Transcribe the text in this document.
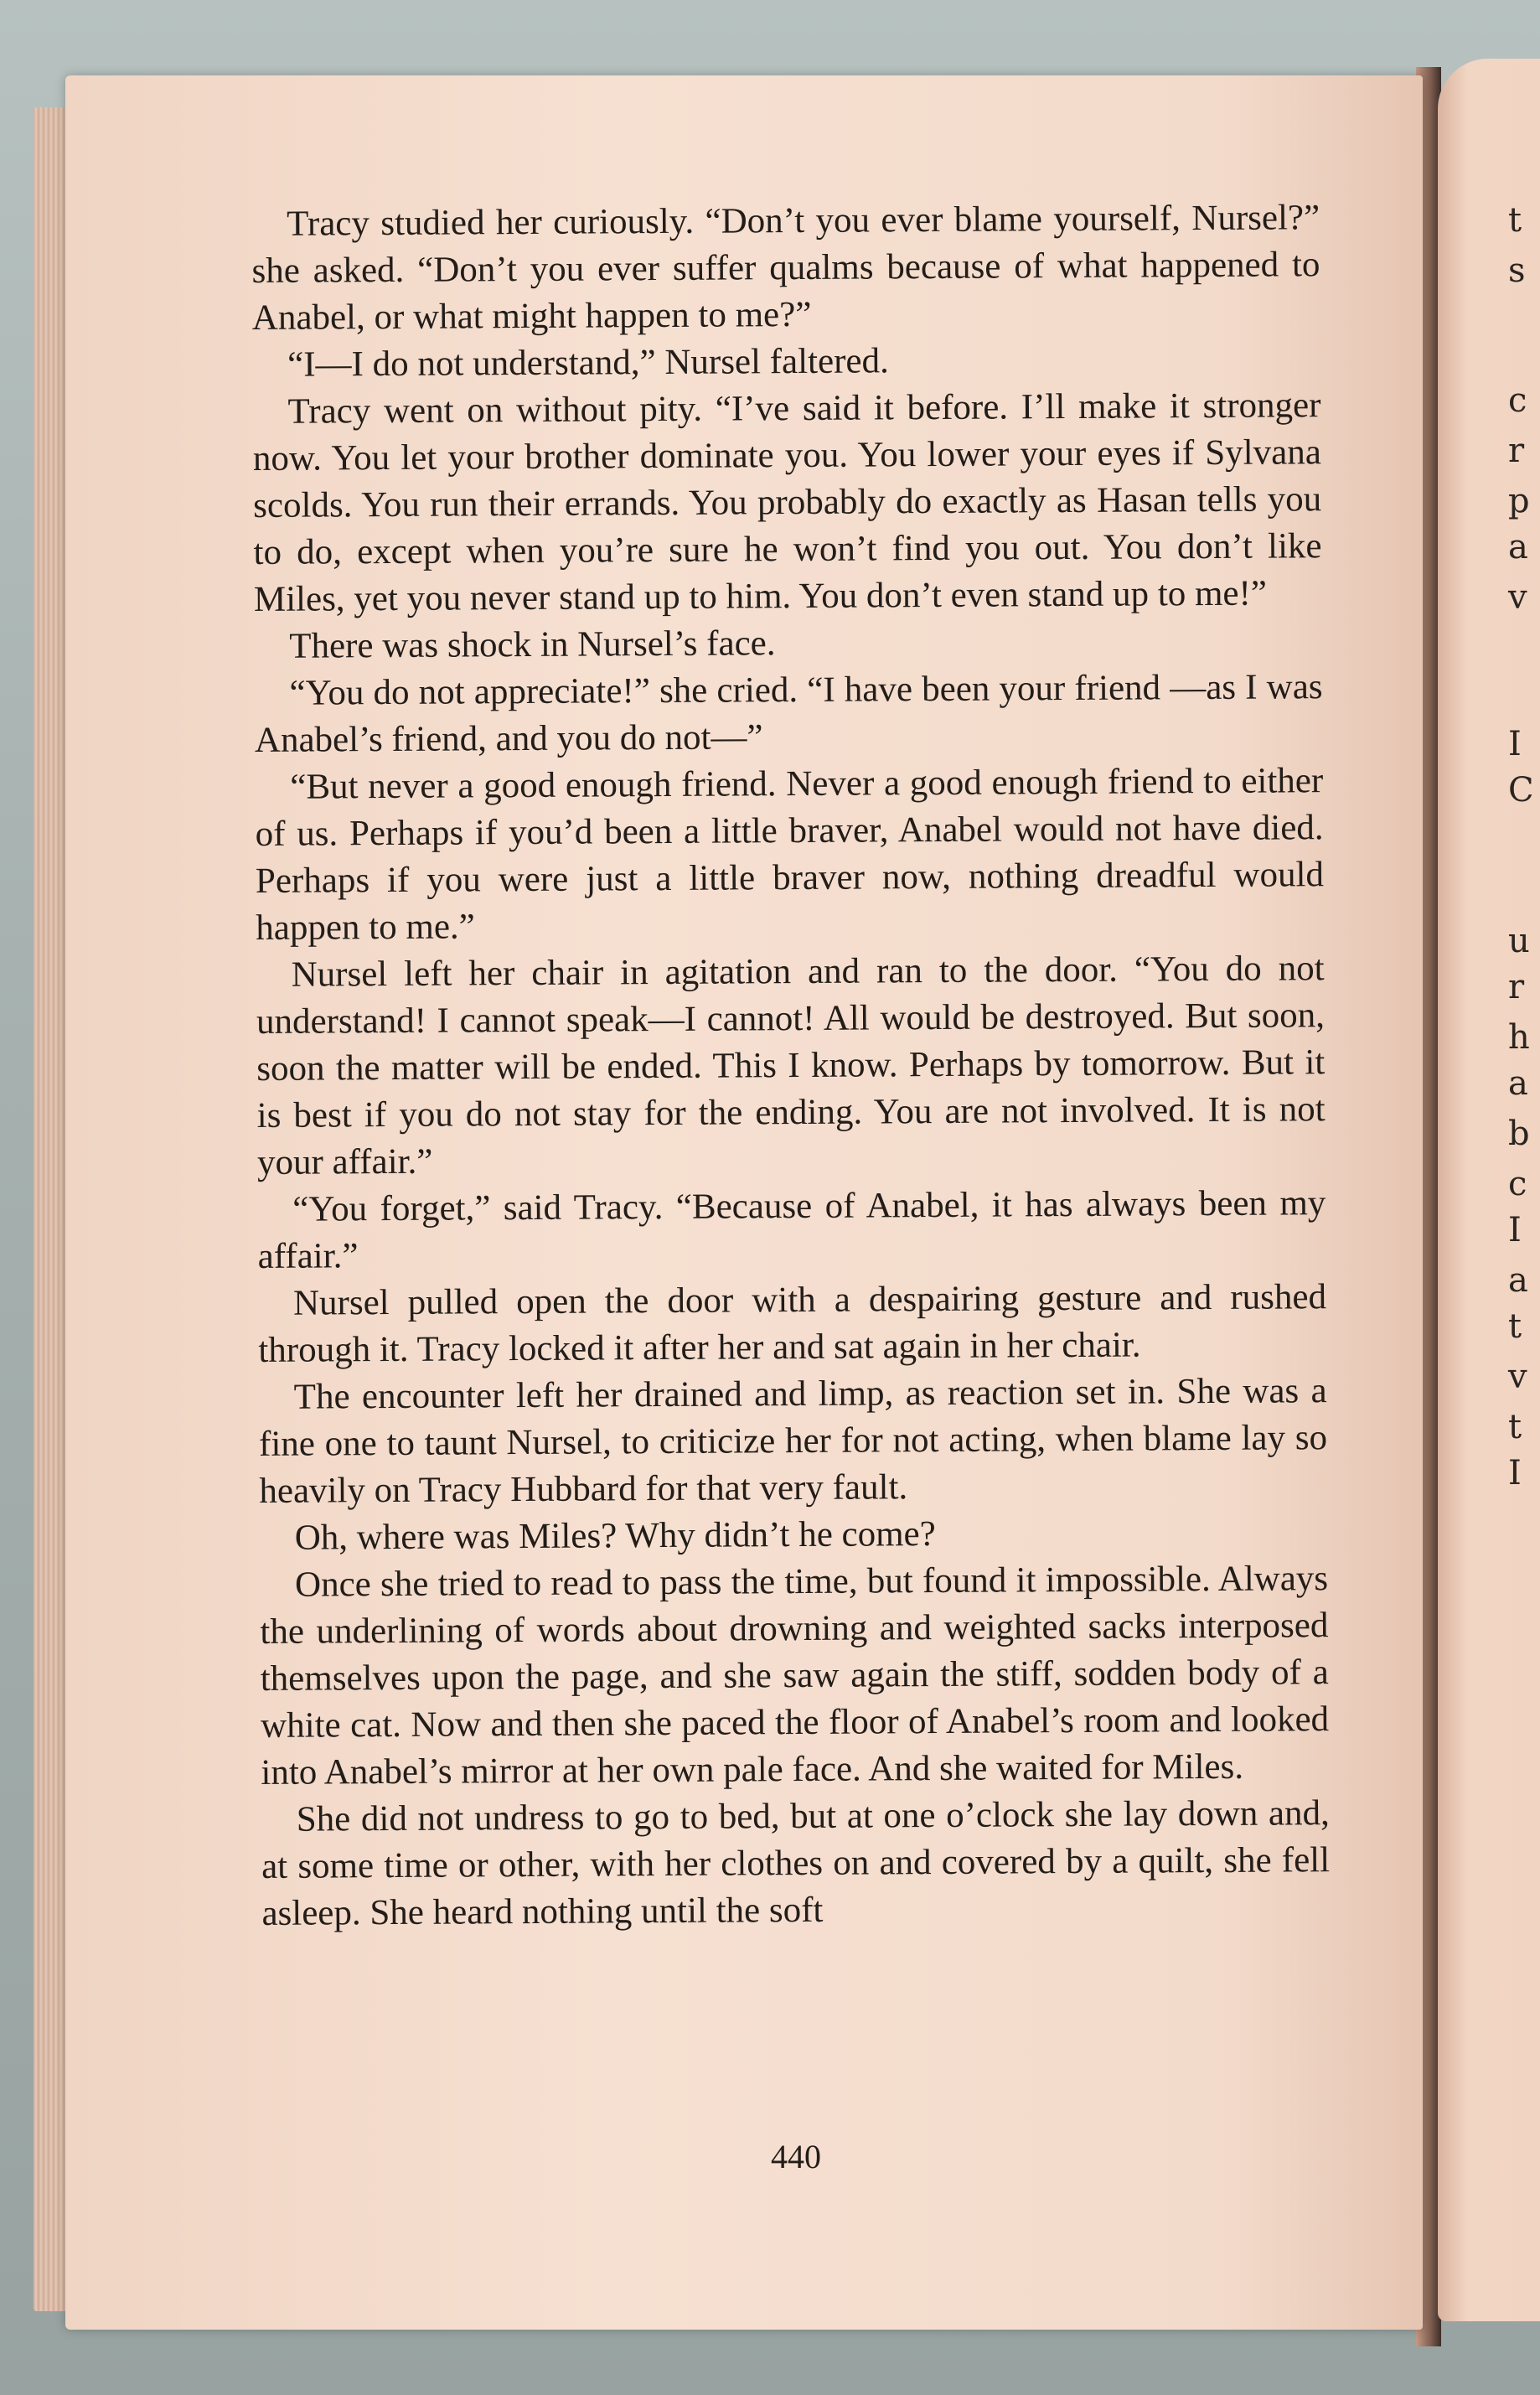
t
s
c
r
p
a
v
I
C
u
r
h
a
b
c
I
a
t
v
t
I

Tracy studied her curiously. “Don’t you ever blame yourself, Nursel?” she asked. “Don’t you ever suffer qualms because of what happened to Anabel, or what might happen to me?”

“I—I do not understand,” Nursel faltered.

Tracy went on without pity. “I’ve said it before. I’ll make it stronger now. You let your brother dominate you. You lower your eyes if Sylvana scolds. You run their errands. You probably do exactly as Hasan tells you to do, except when you’re sure he won’t find you out. You don’t like Miles, yet you never stand up to him. You don’t even stand up to me!”

There was shock in Nursel’s face.

“You do not appreciate!” she cried. “I have been your friend —as I was Anabel’s friend, and you do not—”

“But never a good enough friend. Never a good enough friend to either of us. Perhaps if you’d been a little braver, Anabel would not have died. Perhaps if you were just a little braver now, nothing dreadful would happen to me.”

Nursel left her chair in agitation and ran to the door. “You do not understand! I cannot speak—I cannot! All would be destroyed. But soon, soon the matter will be ended. This I know. Perhaps by tomorrow. But it is best if you do not stay for the ending. You are not involved. It is not your affair.”

“You forget,” said Tracy. “Because of Anabel, it has always been my affair.”

Nursel pulled open the door with a despairing gesture and rushed through it. Tracy locked it after her and sat again in her chair.

The encounter left her drained and limp, as reaction set in. She was a fine one to taunt Nursel, to criticize her for not acting, when blame lay so heavily on Tracy Hubbard for that very fault.

Oh, where was Miles? Why didn’t he come?

Once she tried to read to pass the time, but found it impossible. Always the underlining of words about drowning and weighted sacks interposed themselves upon the page, and she saw again the stiff, sodden body of a white cat. Now and then she paced the floor of Anabel’s room and looked into Anabel’s mirror at her own pale face. And she waited for Miles.

She did not undress to go to bed, but at one o’clock she lay down and, at some time or other, with her clothes on and covered by a quilt, she fell asleep. She heard nothing until the soft

440
